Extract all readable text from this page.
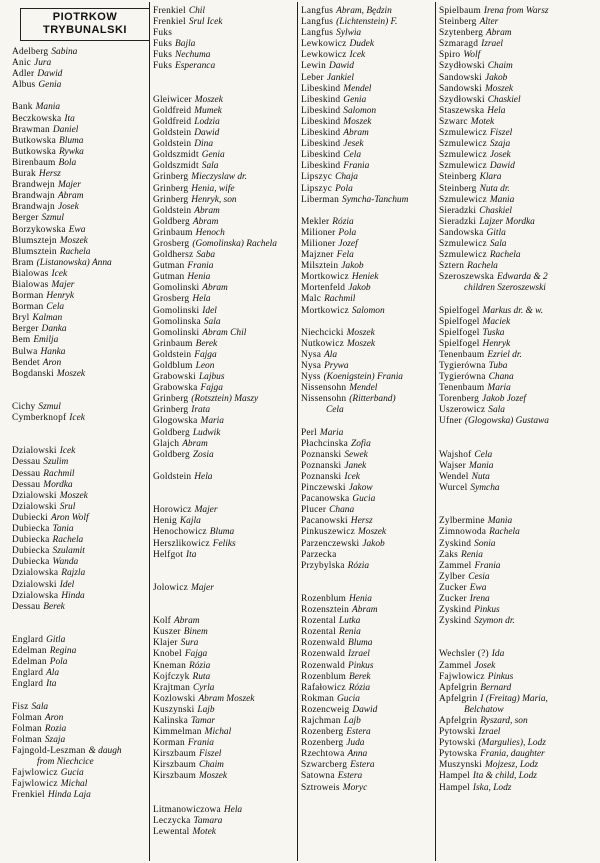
PIOTRKOW
TRYBUNALSKI
Adelberg Sabina
Anic Jura
Adler Dawid
Albus Genia
Bank Mania
Beczkowska Ita
Brawman Daniel
Butkowska Bluma
Butkowska Rywka
Birenbaum Bola
Burak Hersz
Brandwejn Majer
Brandwajn Abram
Brandwajn Josek
Berger Szmul
Borzykowska Ewa
Blumsztejn Moszek
Blumsztein Rachela
Bram (Listanowska) Anna
Bialowas Icek
Bialowas Majer
Borman Henryk
Borman Cela
Bryl Kalman
Berger Danka
Bem Emilja
Bulwa Hanka
Bendet Aron
Bogdanski Moszek
Cichy Szmul
Cymberknopf Icek
Dzialowski Icek
Dessau Szulim
Dessau Rachmil
Dessau Mordka
Dzialowski Moszek
Dzialowski Srul
Dubiecki Aron Wolf
Dubiecka Tania
Dubiecka Rachela
Dubiecka Szulamit
Dubiecka Wanda
Dzialowska Rajzla
Dzialowski Idel
Dzialowska Hinda
Dessau Berek
Englard Gitla
Edelman Regina
Edelman Pola
Englard Ala
Englard Ita
Fisz Sala
Folman Aron
Folman Rozia
Folman Szaja
Fajngold-Leszman & daugh
from Niechcice
Fajwlowicz Gucia
Fajwlowicz Michal
Frenkiel Hinda Laja
Frenkiel Chil
Frenkiel Srul Icek
Fuks
Fuks Bajla
Fuks Nechuma
Fuks Esperanca
Gleiwicer Moszek
Goldfreid Mumek
Goldfreid Lodzia
Goldstein Dawid
Goldstein Dina
Goldszmidt Genia
Goldszmidt Sala
Grinberg Mieczyslaw dr.
Grinberg Henia, wife
Grinberg Henryk, son
Goldstein Abram
Goldberg Abram
Grinbaum Henoch
Grosberg (Gomolinska) Rachela
Goldhersz Saba
Gutman Frania
Gutman Henia
Gomolinski Abram
Grosberg Hela
Gomolinski Idel
Gomolinska Sala
Gomolinski Abram Chil
Grinbaum Berek
Goldstein Fajga
Goldblum Leon
Grabowski Lajbus
Grabowska Fajga
Grinberg (Rotsztein) Maszy
Grinberg Irata
Glogowska Maria
Goldberg Ludwik
Glajch Abram
Goldberg Zosia
Goldstein Hela
Horowicz Majer
Henig Kajla
Henochowicz Bluma
Herszlikowicz Feliks
Helfgot Ita
Jolowicz Majer
Kolf Abram
Kuszer Binem
Klajer Sura
Knobel Fajga
Kneman Rózia
Kojfczyk Ruta
Krajtman Cyrla
Kozlowski Abram Moszek
Kuszynski Lajb
Kalinska Tamar
Kimmelman Michal
Korman Frania
Kirszbaum Fiszel
Kirszbaum Chaim
Kirszbaum Moszek
Litmanowiczowa Hela
Leczycka Tamara
Lewental Motek
Langfus Abram, Będzin
Langfus (Lichtenstein) F.
Langfus Sylwia
Lewkowicz Dudek
Lewkowicz Icek
Lewin Dawid
Leber Jankiel
Libeskind Mendel
Libeskind Genia
Libeskind Salomon
Libeskind Moszek
Libeskind Abram
Libeskind Jesek
Libeskind Cela
Libeskind Frania
Lipszyc Chaja
Lipszyc Pola
Liberman Symcha-Tanchum
Mekler Rózia
Milioner Pola
Milioner Jozef
Majzner Fela
Milsztein Jakob
Mortkowicz Heniek
Mortenfeld Jakob
Malc Rachmil
Mortkowicz Salomon
Niechcicki Moszek
Nutkowicz Moszek
Nysa Ala
Nysa Prywa
Nyss (Koenigstein) Frania
Nissensohn Mendel
Nissensohn (Ritterband)
Cela
Perl Maria
Płachcinska Zofia
Poznanski Sewek
Poznanski Janek
Poznanski Icek
Pinczewski Jakow
Pacanowska Gucia
Plucer Chana
Pacanowski Hersz
Pinkuszewicz Moszek
Parzenczewski Jakob
Parzecka
Przybylska Rózia
Rozenblum Henia
Rozensztein Abram
Rozental Lutka
Rozental Renia
Rozenwald Bluma
Rozenwald Izrael
Rozenwald Pinkus
Rozenblum Berek
Rafałowicz Rózia
Rokman Gucia
Rozencweig Dawid
Rajchman Lajb
Rozenberg Estera
Rozenberg Juda
Rzechtowa Anna
Szwarcberg Estera
Satowna Estera
Sztroweis Moryc
Spielbaum Irena from Warsz
Steinberg Alter
Szytenberg Abram
Szmaragd Izrael
Spiro Wolf
Szydłowski Chaim
Sandowski Jakob
Sandowski Moszek
Szydłowski Chaskiel
Staszewska Hela
Szwarc Motek
Szmulewicz Fiszel
Szmulewicz Szaja
Szmulewicz Josek
Szmulewicz Dawid
Steinberg Klara
Steinberg Nuta dr.
Szmulewicz Mania
Sieradzki Chaskiel
Sieradzki Lajzer Mordka
Sandowska Gitla
Szmulewicz Sala
Szmulewicz Rachela
Sztern Rachela
Szeroszewska Edwarda & 2
children Szeroszewski
Spielfogel Markus dr. & w.
Spielfogel Maciek
Spielfogel Tuska
Spielfogel Henryk
Tenenbaum Ezriel dr.
Tygierówna Tuba
Tygierówna Chana
Tenenbaum Maria
Torenberg Jakob Jozef
Uszerowicz Sala
Ufner (Glogowska) Gustawa
Wajshof Cela
Wajser Mania
Wendel Nuta
Wurcel Symcha
Zylbermine Mania
Zimnowoda Rachela
Zyskind Sonia
Zaks Renia
Zammel Frania
Zylber Cesia
Zucker Ewa
Zucker Irena
Zyskind Pinkus
Zyskind Szymon dr.
Wechsler (?) Ida
Zammel Josek
Fajwlowicz Pinkus
Apfelgrin Bernard
Apfelgrin I (Freitag) Maria,
Belchatow
Apfelgrin Ryszard, son
Pytowski Izrael
Pytowski (Margulies), Lodz
Pytowska Frania, daughter
Muszynski Mojzesz, Lodz
Hampel Ita & child, Lodz
Hampel Iska, Lodz
